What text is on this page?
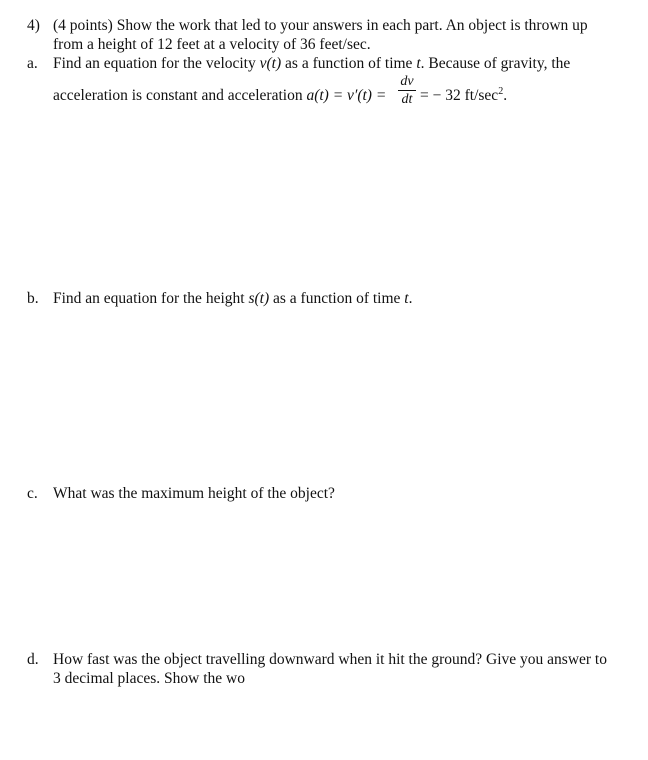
4) (4 points) Show the work that led to your answers in each part. An object is thrown up
from a height of 12 feet at a velocity of 36 feet/sec.
a. Find an equation for the velocity v(t) as a function of time t. Because of gravity, the
acceleration is constant and acceleration a(t) = v′(t) =
dv
dt = − 32 $ft/\sec^2$.
b. Find an equation for the height s(t) as a function of time t.
c. What was the maximum height of the object?
d. How fast was the object travelling downward when it hit the ground? Give you answer to
3 decimal places. Show the wo
